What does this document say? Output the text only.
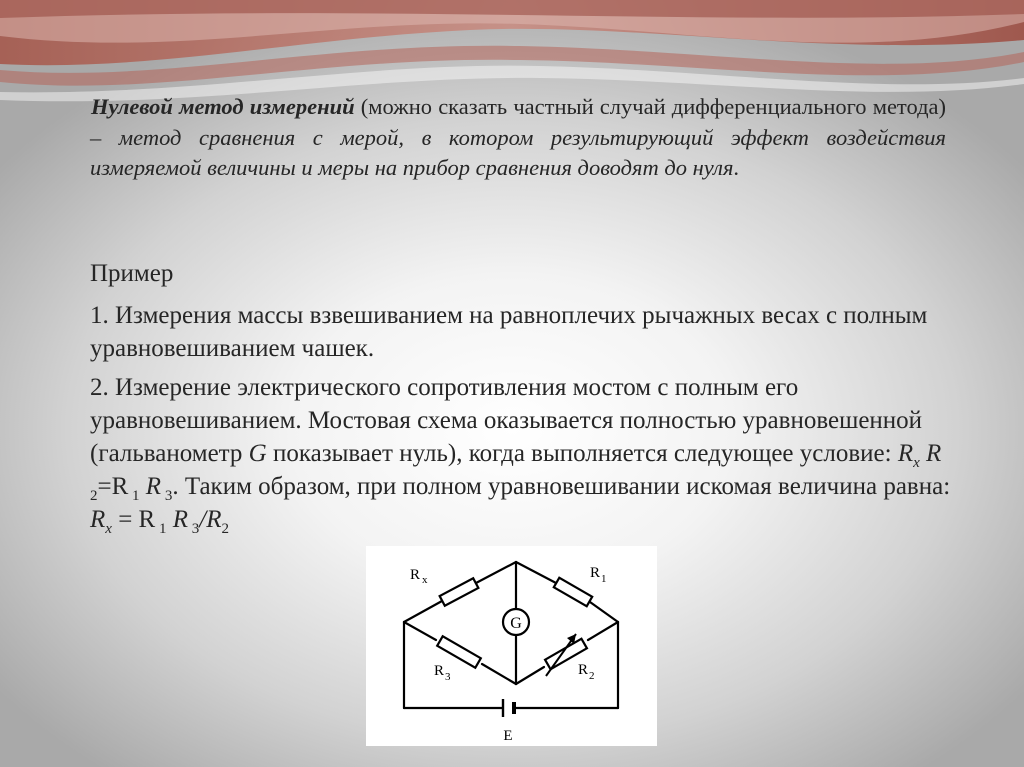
Нулевой метод измерений (можно сказать частный случай дифференциального метода) – метод сравнения с мерой, в котором результирующий эффект воздействия измеряемой величины и меры на прибор сравнения доводят до нуля.
Пример
1. Измерения массы взвешиванием на равноплечих рычажных весах с полным уравновешиванием чашек.
2. Измерение электрического сопротивления мостом с полным его уравновешиванием. Мостовая схема оказывается полностью уравновешенной (гальванометр G показывает нуль), когда выполняется следующее условие: $R_x$ R $_2$=R $_1$ R $_3$. Таким образом, при полном уравновешивании искомая величина равна: $R_x = R$ $_1$ R $_3/R_2$
G
R x	R 1
R 3	R 2
E
